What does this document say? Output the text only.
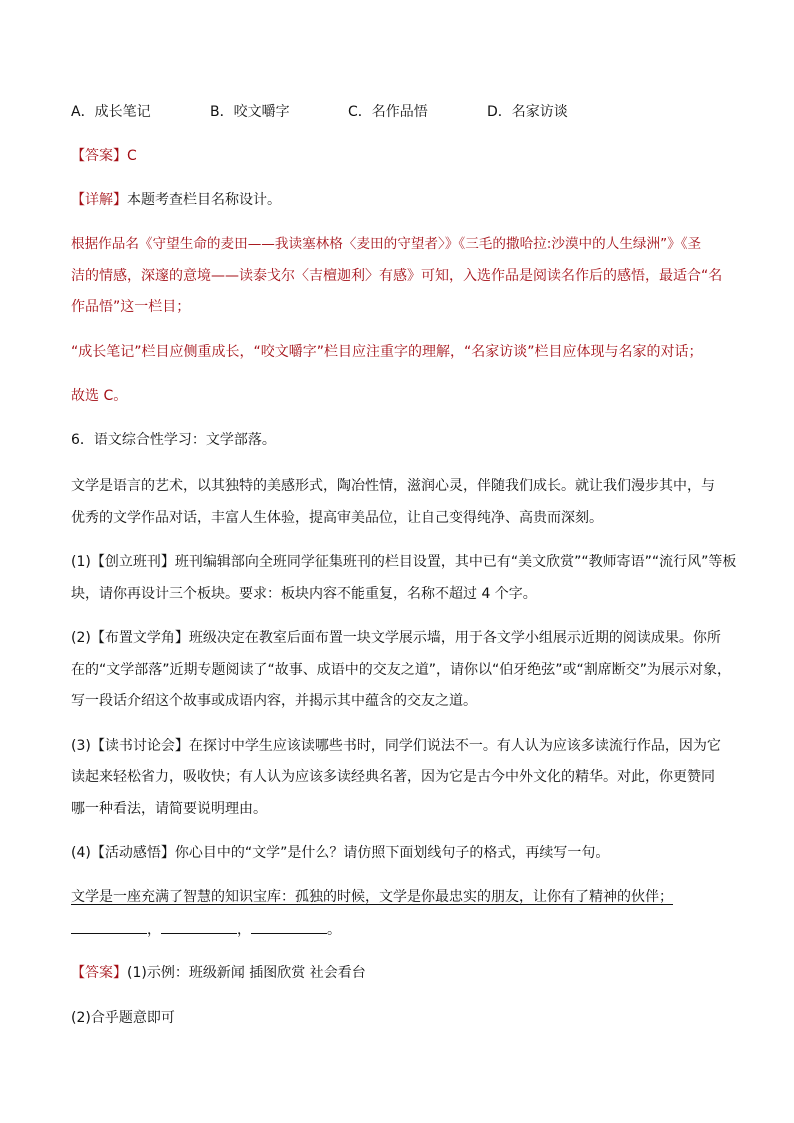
A．成长笔记	B．咬文嚼字	C．名作品悟	D．名家访谈
【答案】C
【详解】本题考查栏目名称设计。
根据作品名《守望生命的麦田——我读塞林格〈麦田的守望者〉》《三毛的撒哈拉:沙漠中的人生绿洲”》《圣
洁的情感，深邃的意境——读泰戈尔〈吉檀迦利〉有感》可知，入选作品是阅读名作后的感悟，最适合“名
作品悟”这一栏目；
“成长笔记”栏目应侧重成长，“咬文嚼字”栏目应注重字的理解，“名家访谈”栏目应体现与名家的对话；
故选 C。
6．语文综合性学习：文学部落。
文学是语言的艺术，以其独特的美感形式，陶冶性情，滋润心灵，伴随我们成长。就让我们漫步其中，与
优秀的文学作品对话，丰富人生体验，提高审美品位，让自己变得纯净、高贵而深刻。
(1)【创立班刊】班刊编辑部向全班同学征集班刊的栏目设置，其中已有“美文欣赏”“教师寄语”“流行风”等板
块，请你再设计三个板块。要求：板块内容不能重复，名称不超过 4 个字。
(2)【布置文学角】班级决定在教室后面布置一块文学展示墙，用于各文学小组展示近期的阅读成果。你所
在的“文学部落”近期专题阅读了“故事、成语中的交友之道”，请你以“伯牙绝弦”或“割席断交”为展示对象，
写一段话介绍这个故事或成语内容，并揭示其中蕴含的交友之道。
(3)【读书讨论会】在探讨中学生应该读哪些书时，同学们说法不一。有人认为应该多读流行作品，因为它
读起来轻松省力，吸收快；有人认为应该多读经典名著，因为它是古今中外文化的精华。对此，你更赞同
哪一种看法，请简要说明理由。
(4)【活动感悟】你心目中的“文学”是什么？请仿照下面划线句子的格式，再续写一句。
文学是一座充满了智慧的知识宝库：孤独的时候，文学是你最忠实的朋友，让你有了精神的伙伴；
，	，	。
【答案】(1)示例：班级新闻 插图欣赏 社会看台
(2)合乎题意即可
